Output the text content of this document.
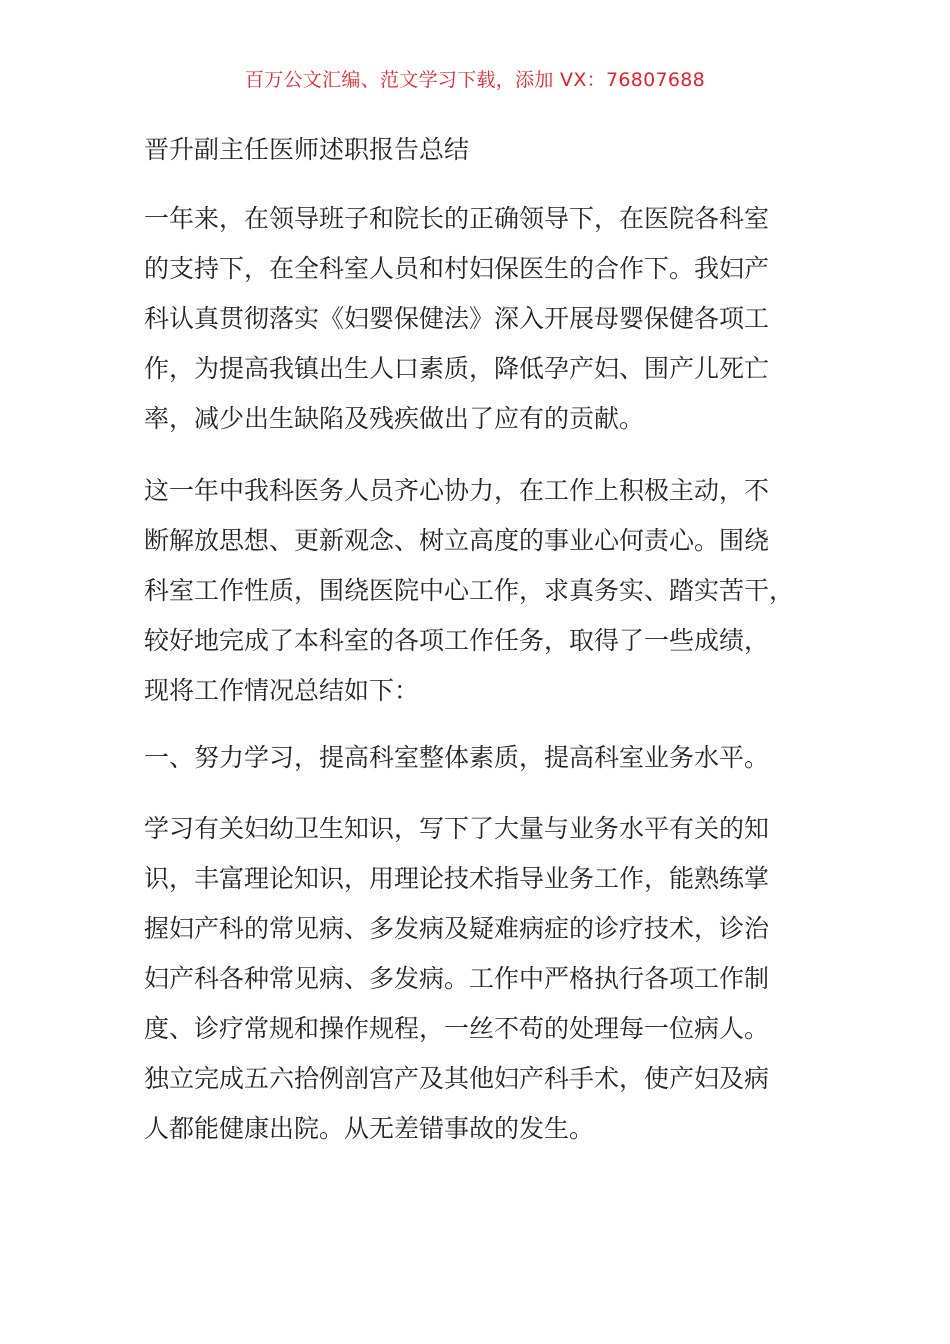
百万公文汇编、范文学习下载，添加 VX：76807688
晋升副主任医师述职报告总结
一年来，在领导班子和院长的正确领导下，在医院各科室
的支持下，在全科室人员和村妇保医生的合作下。我妇产
科认真贯彻落实《妇婴保健法》深入开展母婴保健各项工
作，为提高我镇出生人口素质，降低孕产妇、围产儿死亡
率，减少出生缺陷及残疾做出了应有的贡献。
这一年中我科医务人员齐心协力，在工作上积极主动，不
断解放思想、更新观念、树立高度的事业心何责心。围绕
科室工作性质，围绕医院中心工作，求真务实、踏实苦干，
较好地完成了本科室的各项工作任务，取得了一些成绩，
现将工作情况总结如下：
一、努力学习，提高科室整体素质，提高科室业务水平。
学习有关妇幼卫生知识，写下了大量与业务水平有关的知
识，丰富理论知识，用理论技术指导业务工作，能熟练掌
握妇产科的常见病、多发病及疑难病症的诊疗技术，诊治
妇产科各种常见病、多发病。工作中严格执行各项工作制
度、诊疗常规和操作规程，一丝不苟的处理每一位病人。
独立完成五六拾例剖宫产及其他妇产科手术，使产妇及病
人都能健康出院。从无差错事故的发生。
